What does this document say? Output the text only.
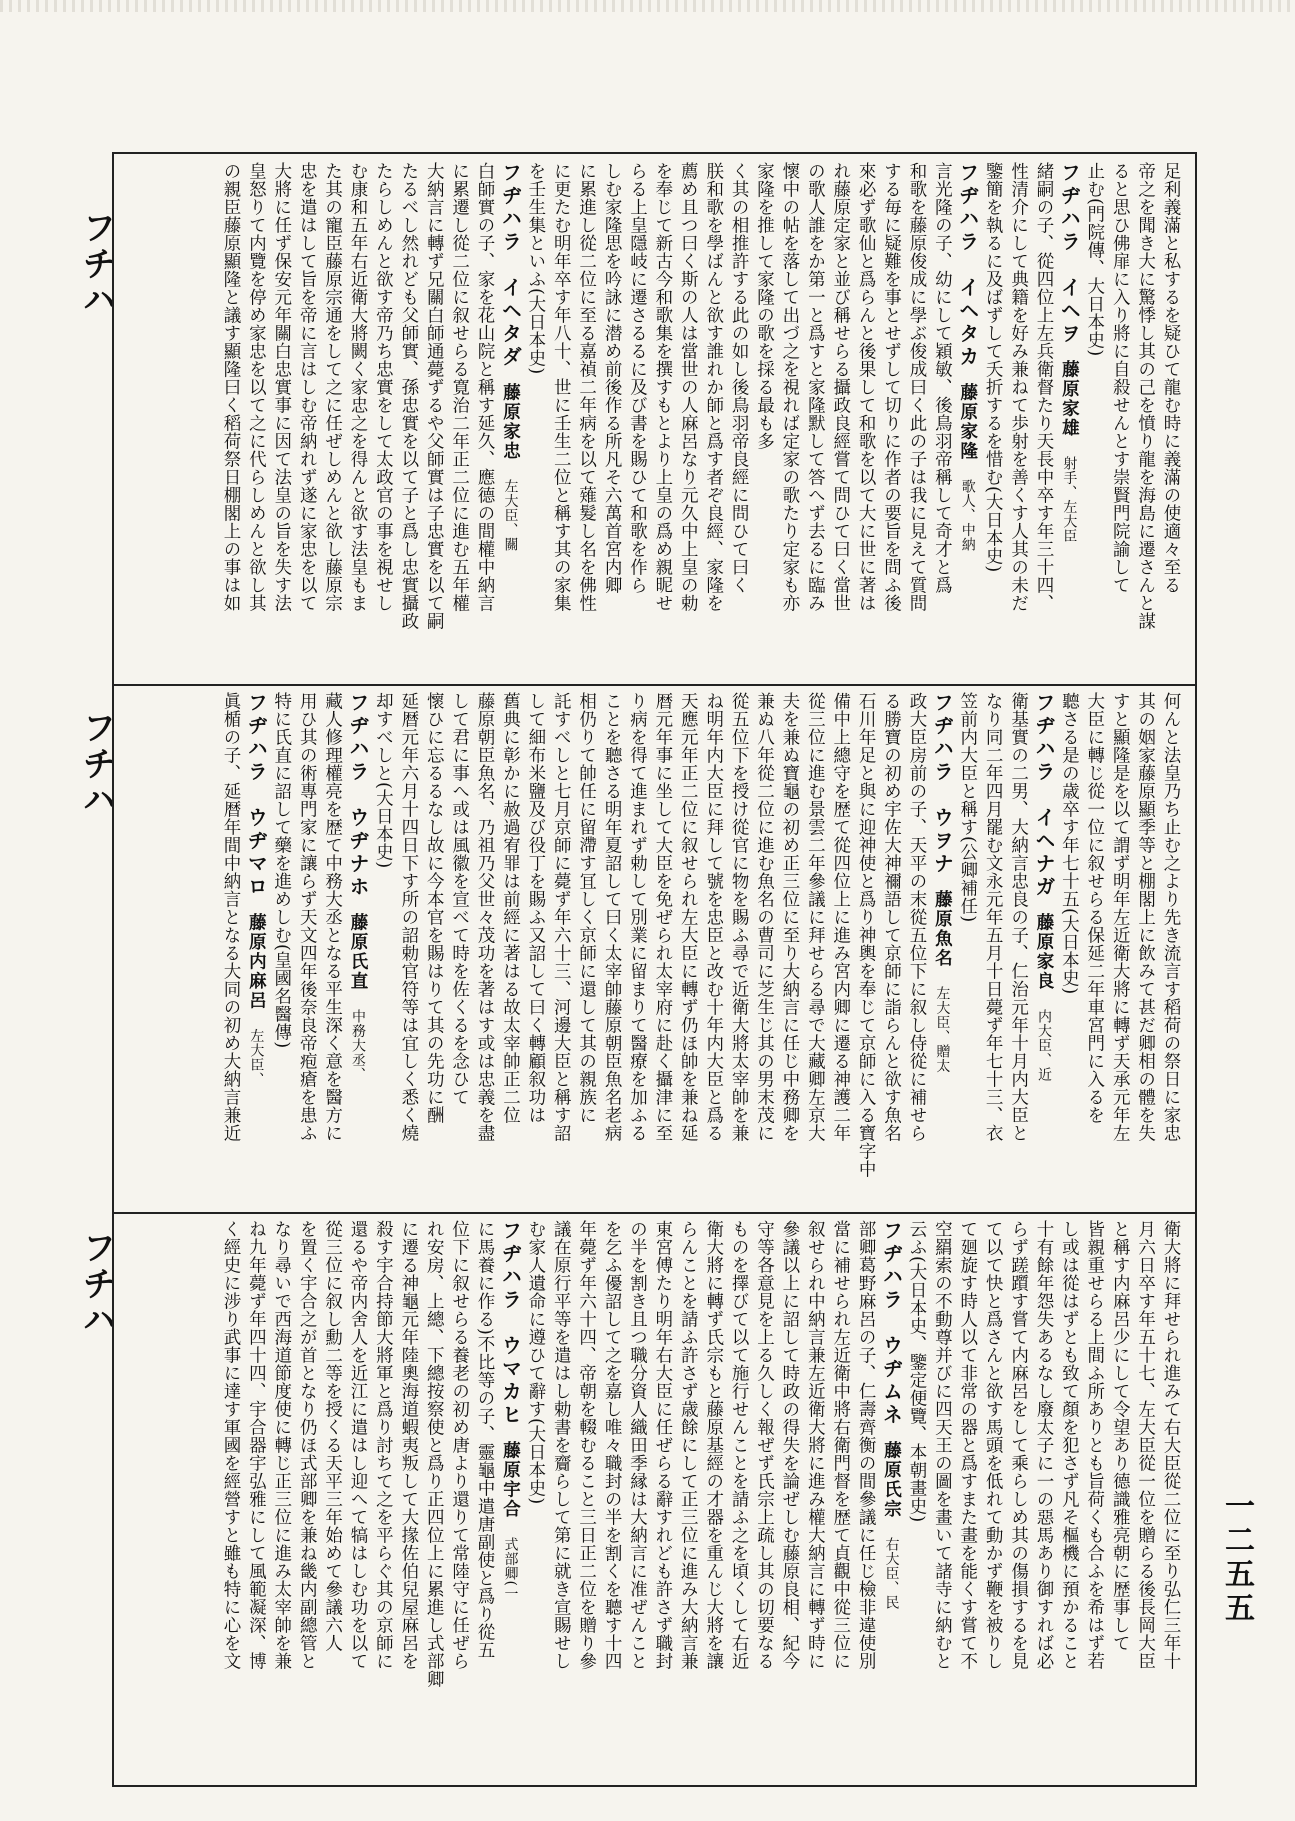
フチハ
フチハ
フチハ
一二五五
足利義滿と私するを疑ひて龍む時に義滿の使適々至る
帝之を聞き大に驚悸し其の己を憤り龍を海島に遷さんと謀
ると思ひ佛扉に入り將に自殺せんとす崇賢門院諭して
止む(門院傳、大日本史)
フヂハラ　イヘヲ藤原家雄　射手、左大臣
緒嗣の子、從四位上左兵衛督たり天長中卒す年三十四、
性清介にして典籍を好み兼ねて歩射を善くす人其の未だ
鑒簡を執るに及ばずして夭折するを惜む(大日本史)
フヂハラ　イヘタカ藤原家隆　歌人、中納
言光隆の子、幼にして穎敏、後鳥羽帝稱して奇才と爲
和歌を藤原俊成に學ぶ俊成曰く此の子は我に見えて質問
する毎に疑難を事とせずして切りに作者の要旨を問ふ後
來必ず歌仙と爲らんと後果して和歌を以て大に世に著は
れ藤原定家と並び稱せらる攝政良經嘗て問ひて曰く當世
の歌人誰をか第一と爲すと家隆默して答へず去るに臨み
懷中の帖を落して出づ之を視れば定家の歌たり定家も亦
家隆を推して家隆の歌を採る最も多
く其の相推許する此の如し後鳥羽帝良經に問ひて曰く
朕和歌を學ばんと欲す誰れか師と爲す者ぞ良經、家隆を
薦め且つ曰く斯の人は當世の人麻呂なり元久中上皇の勅
を奉じて新古今和歌集を撰すもとより上皇の爲め親昵せ
らる上皇隱岐に遷さるるに及び書を賜ひて和歌を作ら
しむ家隆思を吟詠に潜め前後作る所凡そ六萬首宮内卿
に累進し從二位に至る嘉禎二年病を以て薙髮し名を佛性
に更たむ明年卒す年八十、世に壬生二位と稱す其の家集
を壬生集といふ(大日本史)
フヂハラ　イヘタダ藤原家忠　左大臣、關
白師實の子、家を花山院と稱す延久、應德の間權中納言
に累遷し從二位に叙せらる寛治二年正二位に進む五年權
大納言に轉ず兄關白師通薨ずるや父師實は子忠實を以て嗣
たるべし然れども父師實、孫忠實を以て子と爲し忠實攝政
たらしめんと欲す帝乃ち忠實をして太政官の事を視せし
む康和五年右近衛大將闕く家忠之を得んと欲す法皇もま
た其の寵臣藤原宗通をして之に任ぜしめんと欲し藤原宗
忠を遣はして旨を帝に言はしむ帝納れず遂に家忠を以て
大將に任ず保安元年關白忠實事に因て法皇の旨を失す法
皇怒りて内覽を停め家忠を以て之に代らしめんと欲し其
の親臣藤原顯隆と議す顯隆曰く稻荷祭日棚閣上の事は如
何んと法皇乃ち止む之より先き流言す稻荷の祭日に家忠
其の姻家藤原顯季等と棚閣上に飲みて甚だ卿相の體を失
すと顯隆是を以て謂ず明年左近衛大將に轉ず天承元年左
大臣に轉じ從一位に叙せらる保延二年車宮門に入るを
聽さる是の歳卒す年七十五(大日本史)
フヂハラ　イヘナガ藤原家良　内大臣、近
衛基實の二男、大納言忠良の子、仁治元年十月内大臣と
なり同二年四月罷む文永元年五月十日薨ず年七十三、衣
笠前内大臣と稱す(公卿補任)
フヂハラ　ウヲナ藤原魚名　左大臣、贈太
政大臣房前の子、天平の末從五位下に叙し侍從に補せら
る勝寶の初め宇佐大神禰語して京師に詣らんと欲す魚名
石川年足と與に迎神使と爲り神輿を奉じて京師に入る寶字中
備中上總守を歴て從四位上に進み宮内卿に遷る神護二年
從三位に進む景雲二年參議に拜せらる尋で大藏卿左京大
夫を兼ぬ寶龜の初め正三位に至り大納言に任じ中務卿を
兼ぬ八年從二位に進む魚名の曹司に芝生じ其の男末茂に
從五位下を授け從官に物を賜ふ尋で近衛大將太宰帥を兼
ね明年内大臣に拜して號を忠臣と改む十年内大臣と爲る
天應元年正二位に叙せられ左大臣に轉ず仍ほ帥を兼ね延
暦元年事に坐して大臣を免ぜられ太宰府に赴く攝津に至
り病を得て進まれず勅して別業に留まりて醫療を加ふる
ことを聽さる明年夏詔して曰く太宰帥藤原朝臣魚名老病
相仍りて帥任に留滯す冝しく京師に還して其の親族に
託すべしと七月京師に薨ず年六十三、河邊大臣と稱す詔
して細布米鹽及び役丁を賜ふ又詔して曰く轉顧叙功は
舊典に彰かに赦過宥罪は前經に著はる故太宰帥正二位
藤原朝臣魚名、乃祖乃父世々茂功を著はす或は忠義を盡
して君に事へ或は風徽を宣べて時を佐くるを念ひて
懷ひに忘るるなし故に今本官を賜はりて其の先功に酬
延暦元年六月十四日下す所の詔勅官符等は宜しく悉く燒
却すべしと(大日本史)
フヂハラ　ウヂナホ藤原氏直　中務大丞、
藏人修理權亮を歴て中務大丞となる平生深く意を醫方に
用ひ其の術專門家に讓らず天文四年後奈良帝疱瘡を患ふ
特に氏直に詔して藥を進めしむ(皇國名醫傳)
フヂハラ　ウヂマロ藤原内麻呂　左大臣、
眞楯の子、延暦年間中納言となる大同の初め大納言兼近
衛大將に拜せられ進みて右大臣從二位に至り弘仁三年十
月六日卒す年五十七、左大臣從一位を贈らる後長岡大臣
と稱す内麻呂少にして令望あり德識雅亮朝に歴事して
皆親重せらる上間ふ所ありとも旨荷くも合ふを希はず若
し或は從はずとも致て顏を犯さず凡そ樞機に預かること
十有餘年怨失あるなし廢太子に一の惡馬あり御すれば必
らず蹉躓す嘗て内麻呂をして乘らしめ其の傷損するを見
て以て快と爲さんと欲す馬頭を低れて動かず鞭を被りし
て廻旋す時人以て非常の器と爲すまた畫を能くす嘗て不
空羂索の不動尊并びに四天王の圖を畫いて諸寺に納むと
云ふ(大日本史、鑒定便覽、本朝畫史)
フヂハラ　ウヂムネ藤原氏宗　右大臣、民
部卿葛野麻呂の子、仁壽齊衡の間參議に任じ檢非違使別
當に補せられ左近衛中將右衛門督を歴て貞觀中從三位に
叙せられ中納言兼左近衛大將に進み權大納言に轉ず時に
參議以上に詔して時政の得失を論ぜしむ藤原良相、紀今
守等各意見を上る久しく報ぜず氏宗上疏し其の切要なる
ものを擇びて以て施行せんことを請ふ之を頃くして右近
衛大將に轉ず氏宗もと藤原基經の才器を重んじ大將を讓
らんことを請ふ許さず歳餘にして正三位に進み大納言兼
東宮傅たり明年右大臣に任ぜらる辭すれども許さず職封
の半を割き且つ職分資人織田季縁は大納言に准ぜんこと
を乞ふ優詔して之を嘉し唯々職封の半を割くを聽す十四
年薨ず年六十四、帝朝を輟むること三日正二位を贈り參
議在原行平等を遣はし勅書を齎らして第に就き宣賜せし
む家人遺命に遵ひて辭す(大日本史)
フヂハラ　ウマカヒ藤原宇合　式部卿(一
に馬養に作る)不比等の子、靈龜中遣唐副使と爲り從五
位下に叙せらる養老の初め唐より還りて常陸守に任ぜら
れ安房、上總、下總按察使と爲り正四位上に累進し式部卿
に遷る神龜元年陸奧海道蝦夷叛して大掾佐伯兒屋麻呂を
殺す宇合持節大將軍と爲り討ちて之を平らぐ其の京師に
還るや帝内舍人を近江に遣はし迎へて犒はしむ功を以て
從三位に叙し勳二等を授くる天平三年始めて參議六人
を置く宇合之が首となり仍ほ式部卿を兼ね畿内副總管と
なり尋いで西海道節度使に轉じ正三位に進み太宰帥を兼
ね九年薨ず年四十四、宇合器宇弘雅にして風範凝深、博
く經史に涉り武事に達す軍國を經營すと雖も特に心を文
